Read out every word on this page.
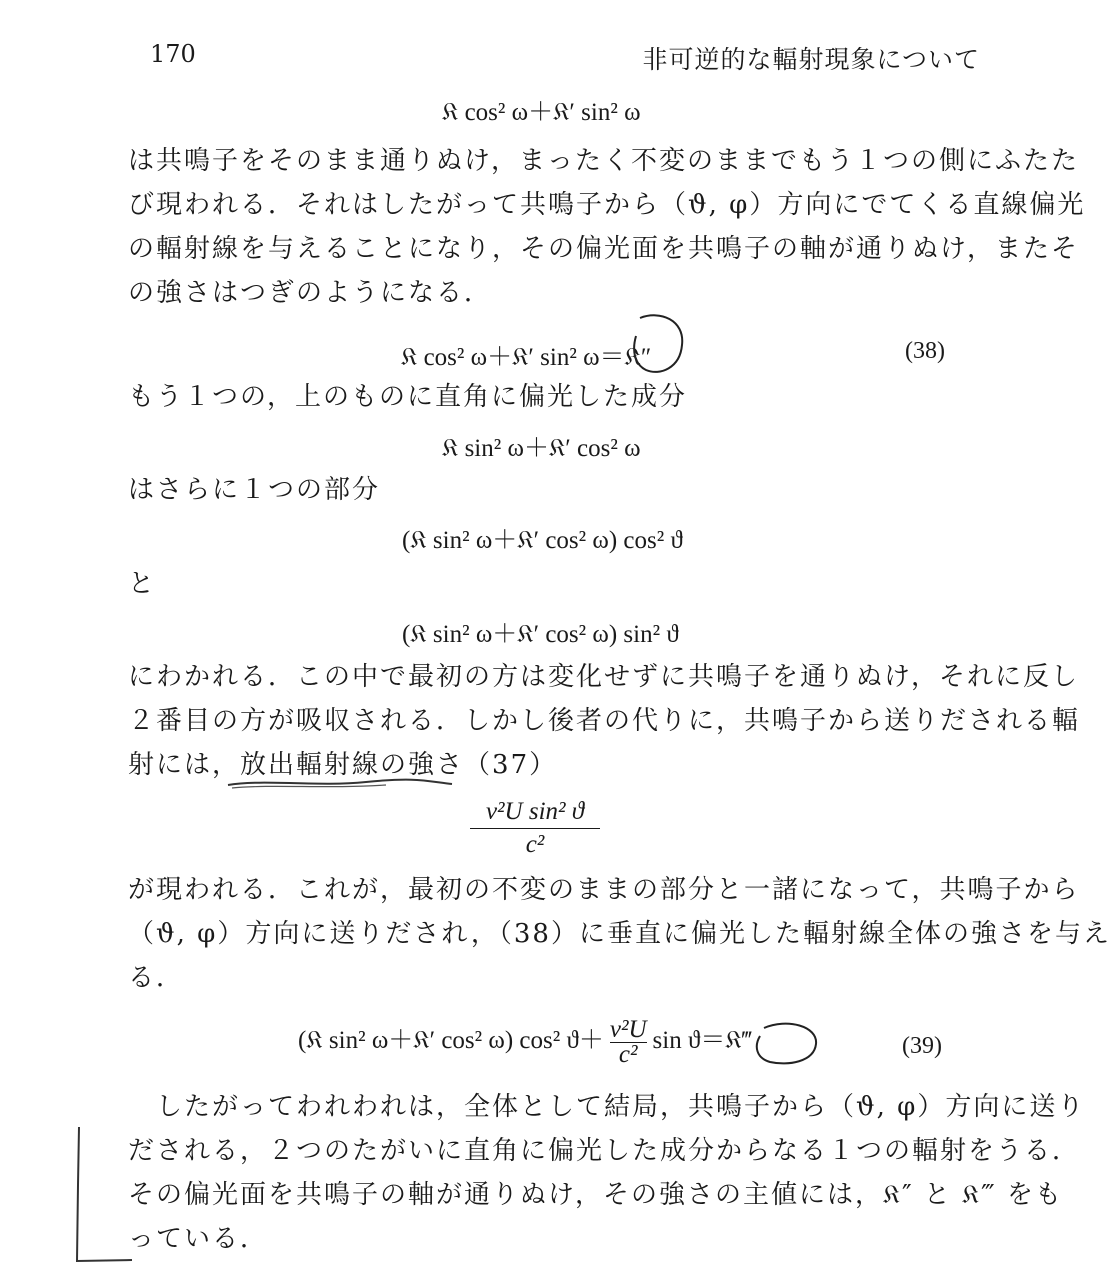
170	非可逆的な輻射現象について
𝔎 cos² ω＋𝔎′ sin² ω
は共鳴子をそのまま通りぬけ，まったく不変のままでもう１つの側にふたた
び現われる．それはしたがって共鳴子から（ϑ, φ）方向にでてくる直線偏光
の輻射線を与えることになり，その偏光面を共鳴子の軸が通りぬけ，またそ
の強さはつぎのようになる．
𝔎 cos² ω＋𝔎′ sin² ω＝𝔎″	(38)
もう１つの，上のものに直角に偏光した成分
𝔎 sin² ω＋𝔎′ cos² ω
はさらに１つの部分
(𝔎 sin² ω＋𝔎′ cos² ω) cos² ϑ
と
(𝔎 sin² ω＋𝔎′ cos² ω) sin² ϑ
にわかれる．この中で最初の方は変化せずに共鳴子を通りぬけ，それに反し
２番目の方が吸収される．しかし後者の代りに，共鳴子から送りだされる輻
射には，放出輻射線の強さ（37）
$\frac{\text{ν²U sin² ϑ}}{\text{c²}}$
が現われる．これが，最初の不変のままの部分と一諸になって，共鳴子から
（ϑ, φ）方向に送りだされ，（38）に垂直に偏光した輻射線全体の強さを与え
る．
(𝔎 sin² ω＋𝔎′ cos² ω) cos² $ϑ+ \frac{\text{ν²U}}{\text{c²}}$ sin ϑ＝𝔎‴	(39)
　したがってわれわれは，全体として結局，共鳴子から（ϑ, φ）方向に送り
だされる，２つのたがいに直角に偏光した成分からなる１つの輻射をうる．
その偏光面を共鳴子の軸が通りぬけ，その強さの主値には，𝔎″ と 𝔎‴ をも
っている．
